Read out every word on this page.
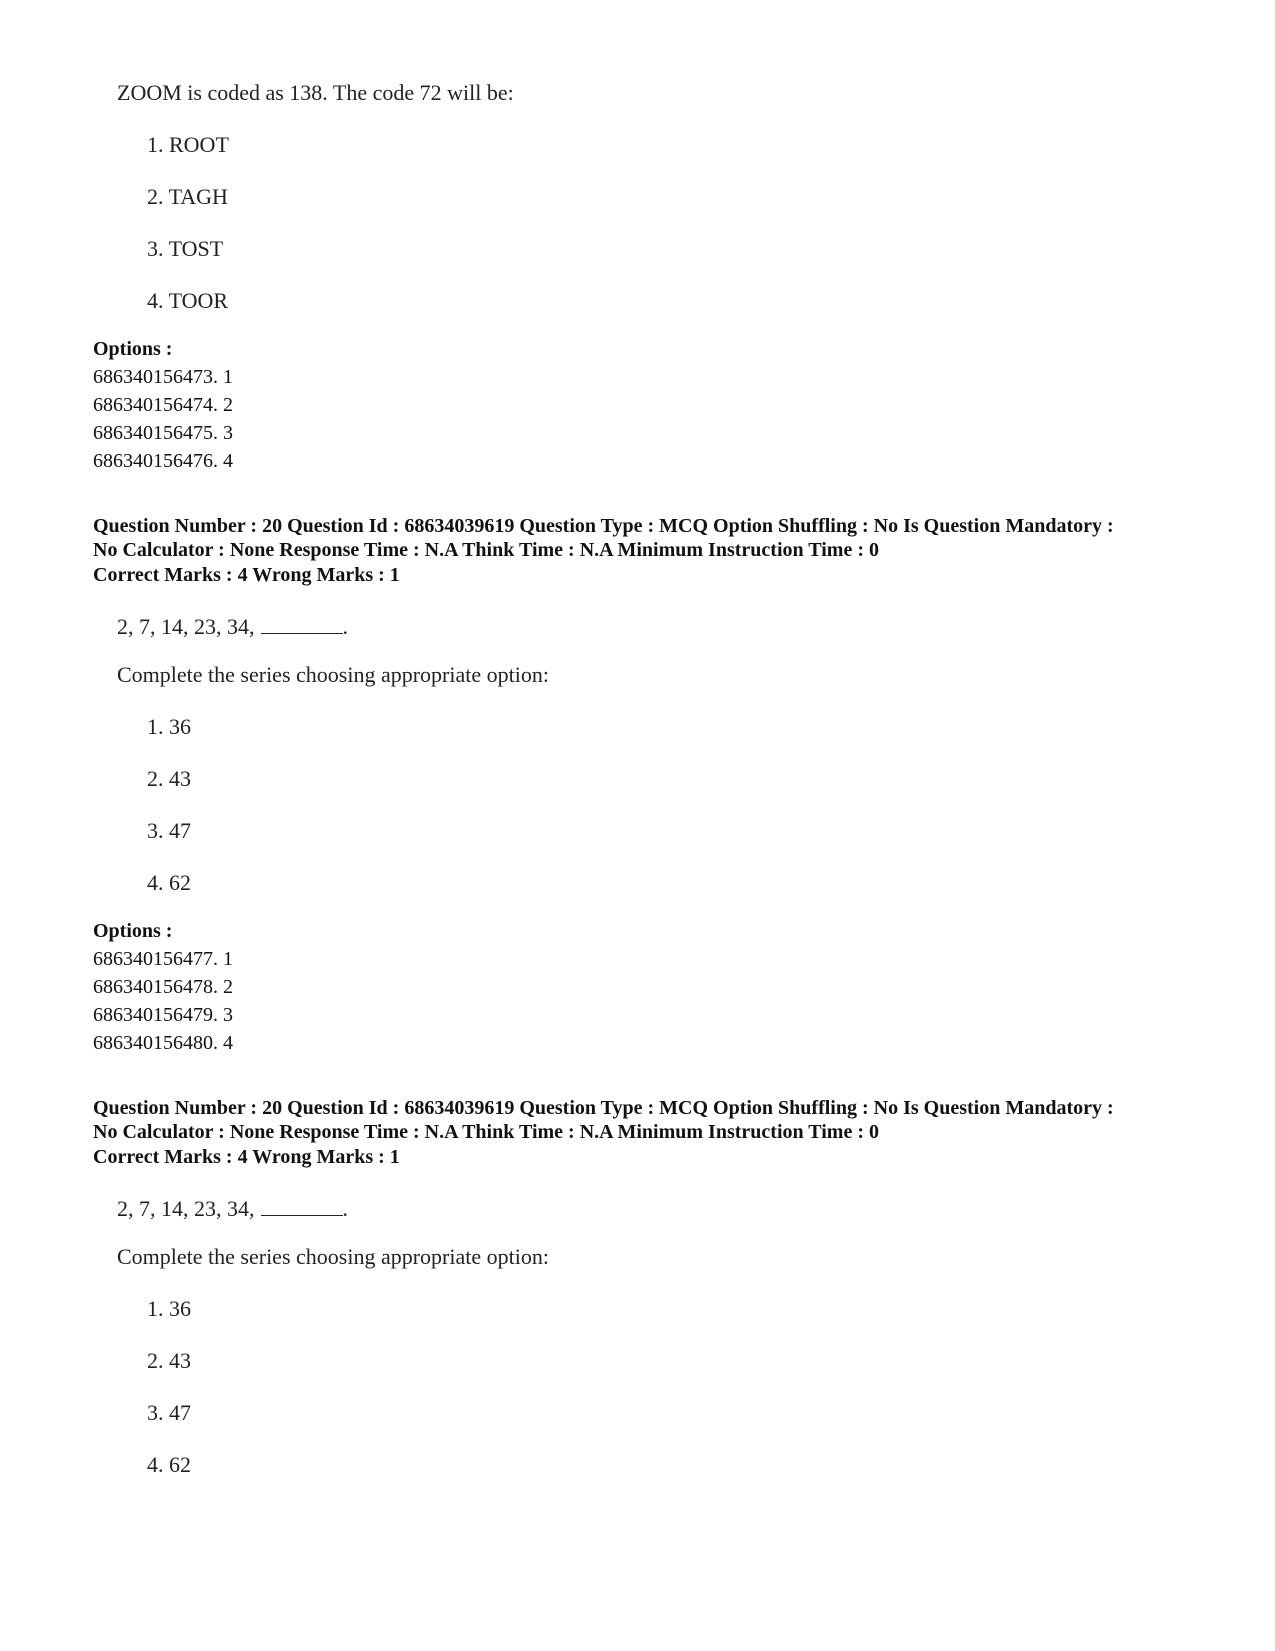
ZOOM is coded as 138. The code 72 will be:
1. ROOT
2. TAGH
3. TOST
4. TOOR
Options :
686340156473. 1
686340156474. 2
686340156475. 3
686340156476. 4
Question Number : 20 Question Id : 68634039619 Question Type : MCQ Option Shuffling : No Is Question Mandatory :
No Calculator : None Response Time : N.A Think Time : N.A Minimum Instruction Time : 0
Correct Marks : 4 Wrong Marks : 1
2, 7, 14, 23, 34,	.
Complete the series choosing appropriate option:
1. 36
2. 43
3. 47
4. 62
Options :
686340156477. 1
686340156478. 2
686340156479. 3
686340156480. 4
Question Number : 20 Question Id : 68634039619 Question Type : MCQ Option Shuffling : No Is Question Mandatory :
No Calculator : None Response Time : N.A Think Time : N.A Minimum Instruction Time : 0
Correct Marks : 4 Wrong Marks : 1
2, 7, 14, 23, 34,	.
Complete the series choosing appropriate option:
1. 36
2. 43
3. 47
4. 62
